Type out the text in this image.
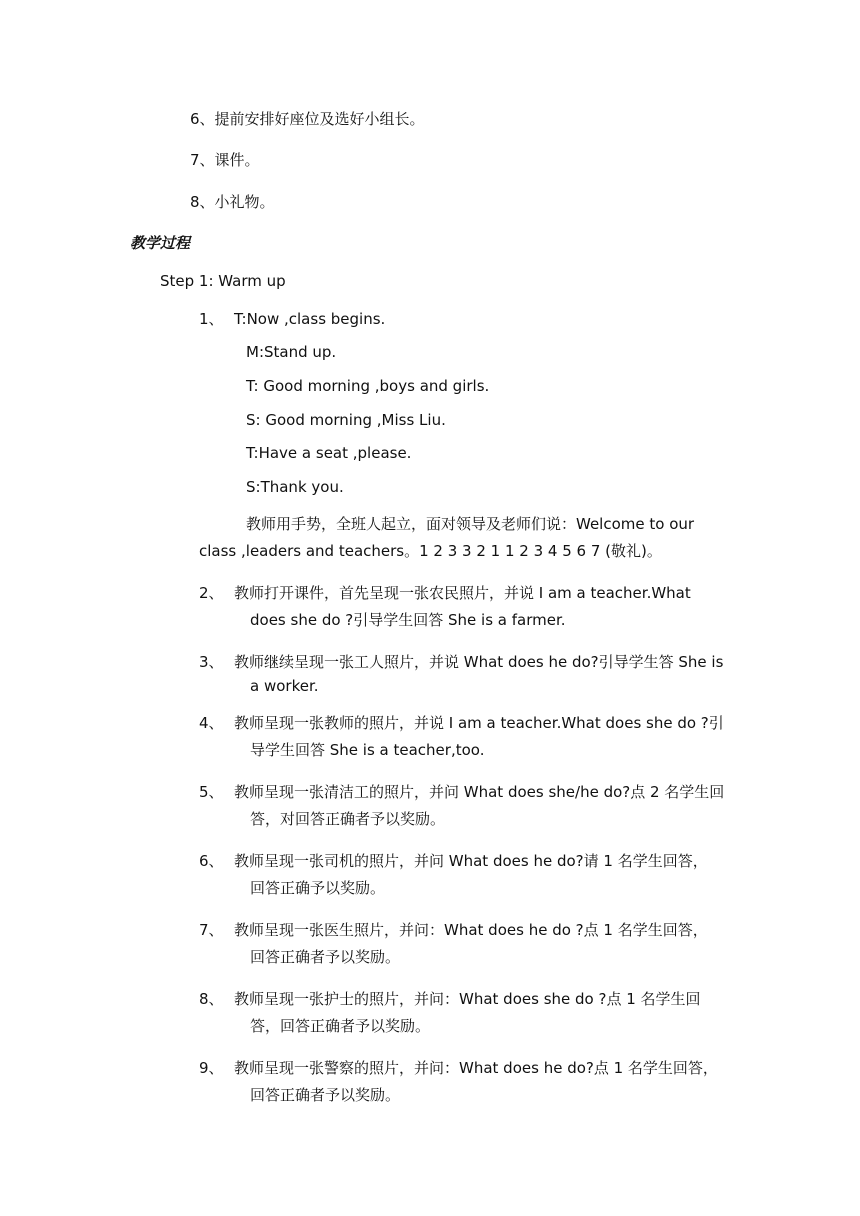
6、提前安排好座位及选好小组长。
7、课件。
8、小礼物。
教学过程
Step 1: Warm up
1、 T:Now ,class begins.
M:Stand up.
T: Good morning ,boys and girls.
S: Good morning ,Miss Liu.
T:Have a seat ,please.
S:Thank you.
教师用手势，全班人起立，面对领导及老师们说：Welcome to our
class ,leaders and teachers。1 2 3 3 2 1 1 2 3 4 5 6 7 (敬礼)。
2、 教师打开课件，首先呈现一张农民照片，并说 I am a teacher.What
does she do ?引导学生回答 She is a farmer.
3、 教师继续呈现一张工人照片，并说 What does he do?引导学生答 She is
a worker.
4、 教师呈现一张教师的照片，并说 I am a teacher.What does she do ?引
导学生回答 She is a teacher,too.
5、 教师呈现一张清洁工的照片，并问 What does she/he do?点 2 名学生回
答，对回答正确者予以奖励。
6、 教师呈现一张司机的照片，并问 What does he do?请 1 名学生回答，
回答正确予以奖励。
7、 教师呈现一张医生照片，并问：What does he do ?点 1 名学生回答，
回答正确者予以奖励。
8、 教师呈现一张护士的照片，并问：What does she do ?点 1 名学生回
答，回答正确者予以奖励。
9、 教师呈现一张警察的照片，并问：What does he do?点 1 名学生回答，
回答正确者予以奖励。
